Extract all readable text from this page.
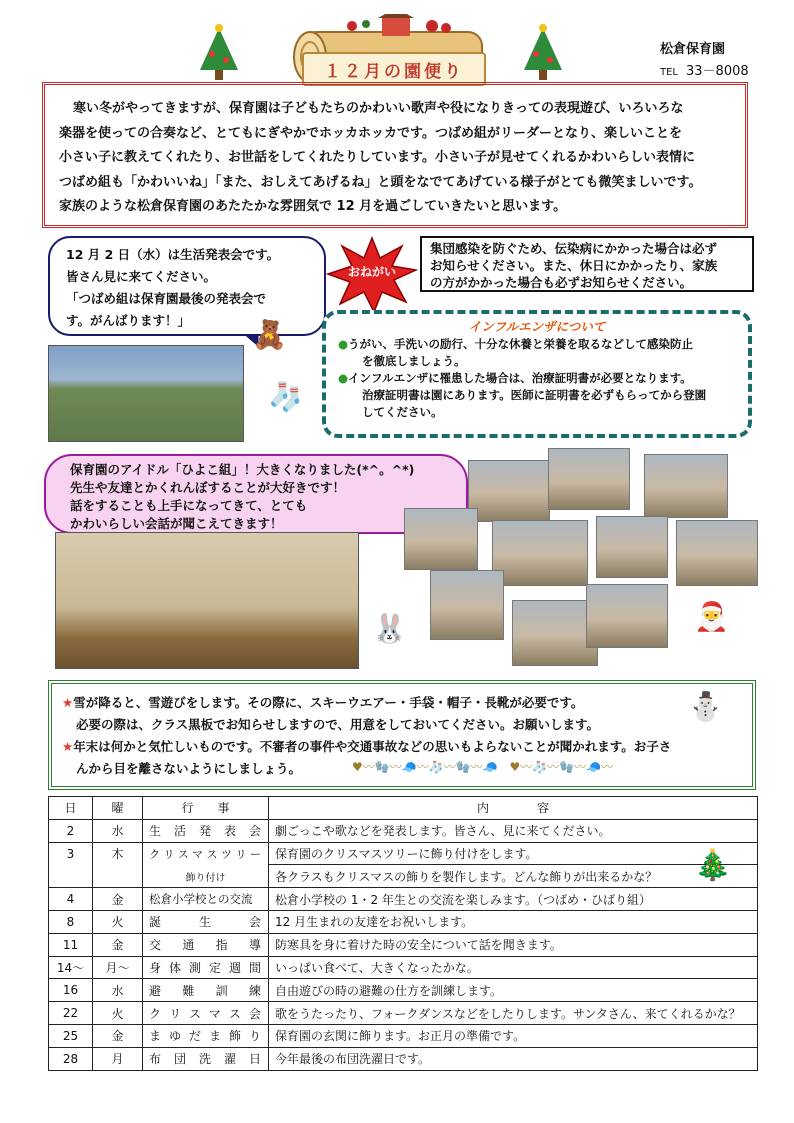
１２月の園便り
松倉保育園
TEL 33－8008
寒い冬がやってきますが、保育園は子どもたちのかわいい歌声や役になりきっての表現遊び、いろいろな
楽器を使っての合奏など、とてもにぎやかでホッカホッカです。つばめ組がリーダーとなり、楽しいことを
小さい子に教えてくれたり、お世話をしてくれたりしています。小さい子が見せてくれるかわいらしい表情に
つばめ組も「かわいいね」「また、おしえてあげるね」と頭をなでてあげている様子がとても微笑ましいです。
家族のような松倉保育園のあたたかな雰囲気で 12 月を過ごしていきたいと思います。
12 月 2 日（水）は生活発表会です。
皆さん見に来てください。
「つばめ組は保育園最後の発表会で
す。がんばります！」
おねがい
集団感染を防ぐため、伝染病にかかった場合は必ず
お知らせください。また、休日にかかったり、家族
の方がかかった場合も必ずお知らせください。
インフルエンザについて
●うがい、手洗いの励行、十分な休養と栄養を取るなどして感染防止
を徹底しましょう。
●インフルエンザに罹患した場合は、治療証明書が必要となります。
治療証明書は園にあります。医師に証明書を必ずもらってから登園
してください。
🧸
🧦
保育園のアイドル「ひよこ組」！大きくなりました(*^。^*)
先生や友達とかくれんぼすることが大好きです！
話をすることも上手になってきて、とても
かわいらしい会話が聞こえてきます！
🐰	🎅
★雪が降ると、雪遊びをします。その際に、スキーウエアー・手袋・帽子・長靴が必要です。
必要の際は、クラス黒板でお知らせしますので、用意をしておいてください。お願いします。
★年末は何かと気忙しいものです。不審者の事件や交通事故などの思いもよらないことが聞かれます。お子さ
んから目を離さないようにしましょう。	♥〰🧤〰🧢〰🧦〰🧤〰🧢　♥〰🧦〰🧤〰🧢〰
⛄
日	曜	行　　事	内　　　　容
2	水	生活発表会	劇ごっこや歌などを発表します。皆さん、見に来てください。
3	木	クリスマスツリー	保育園のクリスマスツリーに飾り付けをします。
		飾り付け	各クラスもクリスマスの飾りを製作します。どんな飾りが出来るかな？
4	金	松倉小学校との交流	松倉小学校の 1・2 年生との交流を楽しみます。（つばめ・ひばり組）
8	火	誕生会	12 月生まれの友達をお祝いします。
11	金	交通指導	防寒具を身に着けた時の安全について話を聞きます。
14～	月～	身体測定週間	いっぱい食べて、大きくなったかな。
16	水	避難訓練	自由遊びの時の避難の仕方を訓練します。
22	火	クリスマス会	歌をうたったり、フォークダンスなどをしたりします。サンタさん、来てくれるかな？
25	金	まゆだま飾り	保育園の玄関に飾ります。お正月の準備です。
28	月	布団洗濯日	今年最後の布団洗濯日です。
🎄
